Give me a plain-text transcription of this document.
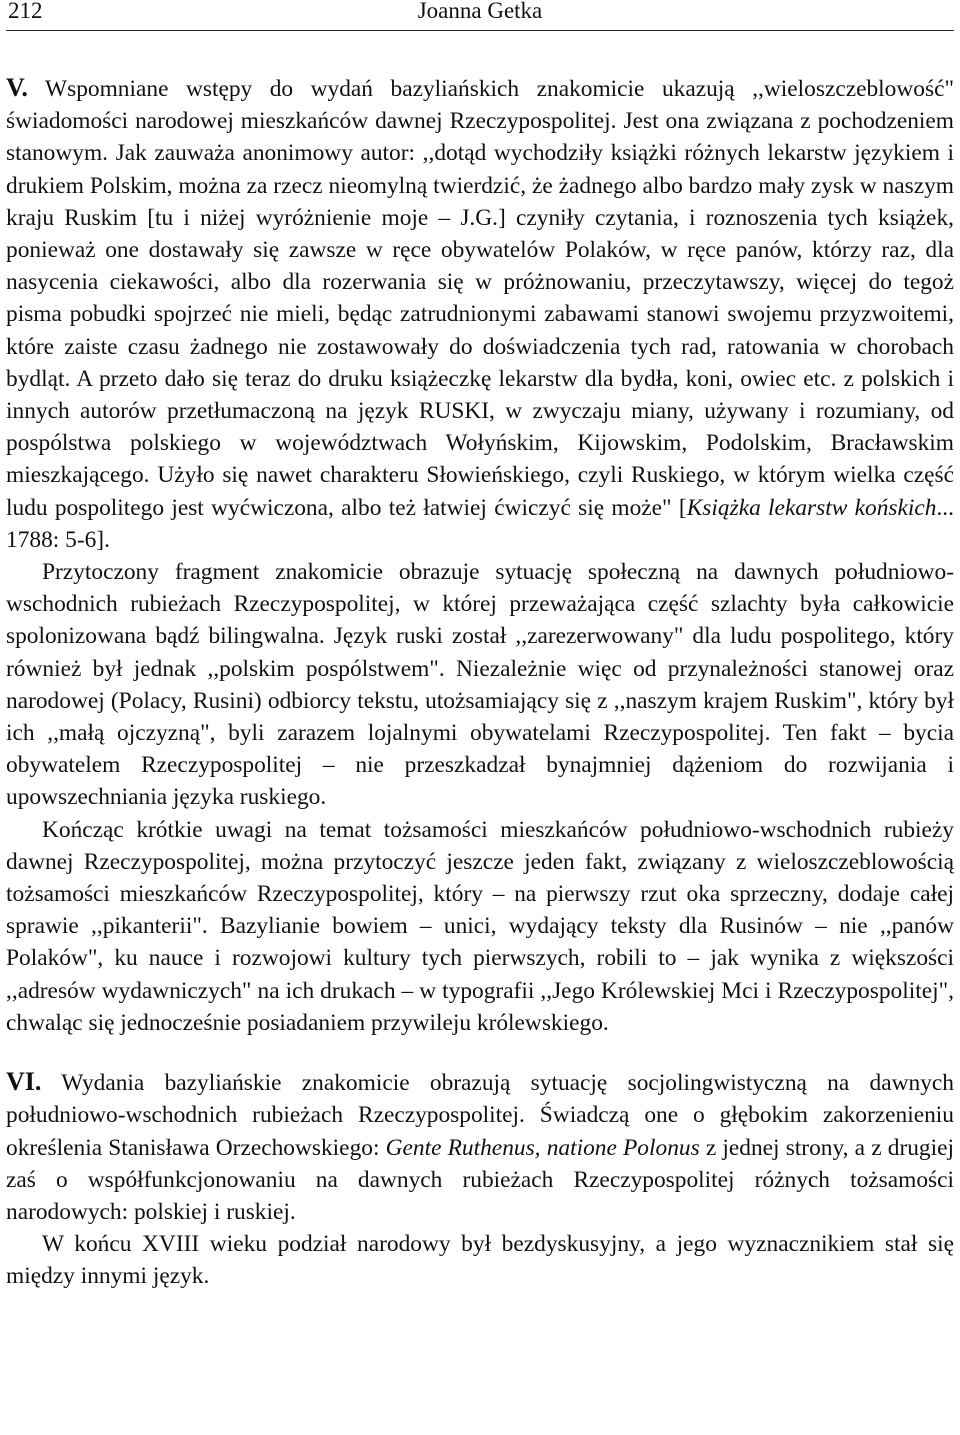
212	Joanna Getka

V. Wspomniane wstępy do wydań bazyliańskich znakomicie ukazują ,,wieloszczeblowość" świadomości narodowej mieszkańców dawnej Rzeczypospolitej. Jest ona związana z pochodzeniem stanowym. Jak zauważa anonimowy autor: ,,dotąd wychodziły książki różnych lekarstw językiem i drukiem Polskim, można za rzecz nieomylną twierdzić, że żadnego albo bardzo mały zysk w naszym kraju Ruskim [tu i niżej wyróżnienie moje – J.G.] czyniły czytania, i roznoszenia tych książek, ponieważ one dostawały się zawsze w ręce obywatelów Polaków, w ręce panów, którzy raz, dla nasycenia ciekawości, albo dla rozerwania się w próżnowaniu, przeczytawszy, więcej do tegoż pisma pobudki spojrzeć nie mieli, będąc zatrudnionymi zabawami stanowi swojemu przyzwoitemi, które zaiste czasu żadnego nie zostawowały do doświadczenia tych rad, ratowania w chorobach bydląt. A przeto dało się teraz do druku książeczkę lekarstw dla bydła, koni, owiec etc. z polskich i innych autorów przetłumaczoną na język RUSKI, w zwyczaju miany, używany i rozumiany, od pospólstwa polskiego w województwach Wołyńskim, Kijowskim, Podolskim, Bracławskim mieszkającego. Użyło się nawet charakteru Słowieńskiego, czyli Ruskiego, w którym wielka część ludu pospolitego jest wyćwiczona, albo też łatwiej ćwiczyć się może" [Książka lekarstw końskich... 1788: 5-6].

Przytoczony fragment znakomicie obrazuje sytuację społeczną na dawnych południowo-wschodnich rubieżach Rzeczypospolitej, w której przeważająca część szlachty była całkowicie spolonizowana bądź bilingwalna. Język ruski został ,,zarezerwowany" dla ludu pospolitego, który również był jednak ,,polskim pospólstwem". Niezależnie więc od przynależności stanowej oraz narodowej (Polacy, Rusini) odbiorcy tekstu, utożsamiający się z ,,naszym krajem Ruskim", który był ich ,,małą ojczyzną", byli zarazem lojalnymi obywatelami Rzeczypospolitej. Ten fakt – bycia obywatelem Rzeczypospolitej – nie przeszkadzał bynajmniej dążeniom do rozwijania i upowszechniania języka ruskiego.

Kończąc krótkie uwagi na temat tożsamości mieszkańców południowo-wschodnich rubieży dawnej Rzeczypospolitej, można przytoczyć jeszcze jeden fakt, związany z wieloszczeblowością tożsamości mieszkańców Rzeczypospolitej, który – na pierwszy rzut oka sprzeczny, dodaje całej sprawie ,,pikanterii". Bazylianie bowiem – unici, wydający teksty dla Rusinów – nie ,,panów Polaków", ku nauce i rozwojowi kultury tych pierwszych, robili to – jak wynika z większości ,,adresów wydawniczych" na ich drukach – w typografii ,,Jego Królewskiej Mci i Rzeczypospolitej", chwaląc się jednocześnie posiadaniem przywileju królewskiego.

VI. Wydania bazyliańskie znakomicie obrazują sytuację socjolingwistyczną na dawnych południowo-wschodnich rubieżach Rzeczypospolitej. Świadczą one o głębokim zakorzenieniu określenia Stanisława Orzechowskiego: Gente Ruthenus, natione Polonus z jednej strony, a z drugiej zaś o współfunkcjonowaniu na dawnych rubieżach Rzeczypospolitej różnych tożsamości narodowych: polskiej i ruskiej.

W końcu XVIII wieku podział narodowy był bezdyskusyjny, a jego wyznacznikiem stał się między innymi język.
